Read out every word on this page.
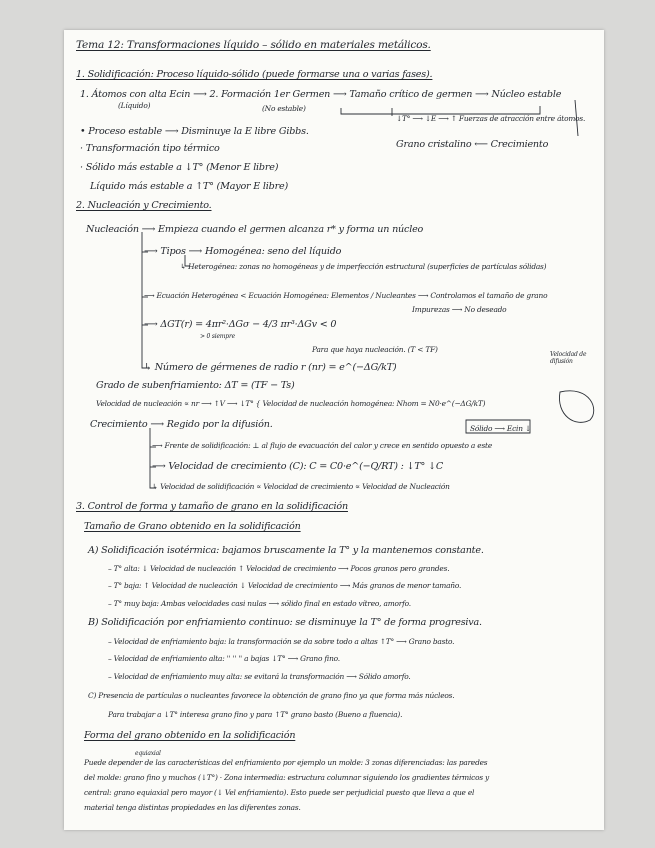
Tema 12: Transformaciones líquido – sólido en materiales metálicos.
1. Solidificación: Proceso líquido-sólido (puede formarse una o varias fases).
1. Átomos con alta Ecin ⟶ 2. Formación 1er Germen ⟶ Tamaño crítico de germen ⟶ Núcleo estable
(Líquido)	(No estable)
↓T° ⟶ ↓E ⟶ ↑ Fuerzas de atracción entre átomos.
• Proceso estable ⟶ Disminuye la E libre Gibbs.
Grano cristalino ⟵ Crecimiento
· Transformación tipo térmico
· Sólido más estable a ↓T° (Menor E libre)
Líquido más estable a ↑T° (Mayor E libre)
2. Nucleación y Crecimiento.
Nucleación ⟶ Empieza cuando el germen alcanza r* y forma un núcleo
⟶ Tipos ⟶ Homogénea: seno del líquido
↳ Heterogénea: zonas no homogéneas y de imperfección estructural (superficies de partículas sólidas)
⟶ Ecuación Heterogénea < Ecuación Homogénea: Elementos / Nucleantes ⟶ Controlamos el tamaño de grano
Impurezas ⟶ No deseado
⟶ ΔGT(r) = 4πr²·ΔGσ − 4/3 πr³·ΔGv < 0
> 0 siempre
Para que haya nucleación. (T < TF)
↳ Número de gérmenes de radio r (nr) = e^(−ΔG/kT)
Velocidad de difusión
Grado de subenfriamiento: ΔT = (TF − Ts)
Velocidad de nucleación ∝ nr ⟶ ↑V ⟶ ↓T° { Velocidad de nucleación homogénea: Nhom = N0·e^(−ΔG/kT)
Crecimiento ⟶ Regido por la difusión.
⟶ Frente de solidificación: ⊥ al flujo de evacuación del calor y crece en sentido opuesto a este
Sólido ⟶ Ecin ↓
⟶ Velocidad de crecimiento (C): C = C0·e^(−Q/RT) : ↓T° ↓C
↳ Velocidad de solidificación ∝ Velocidad de crecimiento ∝ Velocidad de Nucleación
3. Control de forma y tamaño de grano en la solidificación
Tamaño de Grano obtenido en la solidificación
A) Solidificación isotérmica: bajamos bruscamente la T° y la mantenemos constante.
– T° alta: ↓ Velocidad de nucleación ↑ Velocidad de crecimiento ⟶ Pocos granos pero grandes.
– T° baja: ↑ Velocidad de nucleación ↓ Velocidad de crecimiento ⟶ Más granos de menor tamaño.
– T° muy baja: Ambas velocidades casi nulas ⟶ sólido final en estado vítreo, amorfo.
B) Solidificación por enfriamiento continuo: se disminuye la T° de forma progresiva.
– Velocidad de enfriamiento baja: la transformación se da sobre todo a altas ↑T° ⟶ Grano basto.
– Velocidad de enfriamiento alta: '' '' '' a bajas ↓T° ⟶ Grano fino.
– Velocidad de enfriamiento muy alta: se evitará la transformación ⟶ Sólido amorfo.
C) Presencia de partículas o nucleantes favorece la obtención de grano fino ya que forma más núcleos.
Para trabajar a ↓T° interesa grano fino y para ↑T° grano basto (Bueno a fluencia).
Forma del grano obtenido en la solidificación
equiaxial
Puede depender de las características del enfriamiento por ejemplo un molde: 3 zonas diferenciadas: las paredes
del molde: grano fino y muchos (↓T°) · Zona intermedia: estructura columnar siguiendo los gradientes térmicos y
central: grano equiaxial pero mayor (↓ Vel enfriamiento). Esto puede ser perjudicial puesto que lleva a que el
material tenga distintas propiedades en las diferentes zonas.
